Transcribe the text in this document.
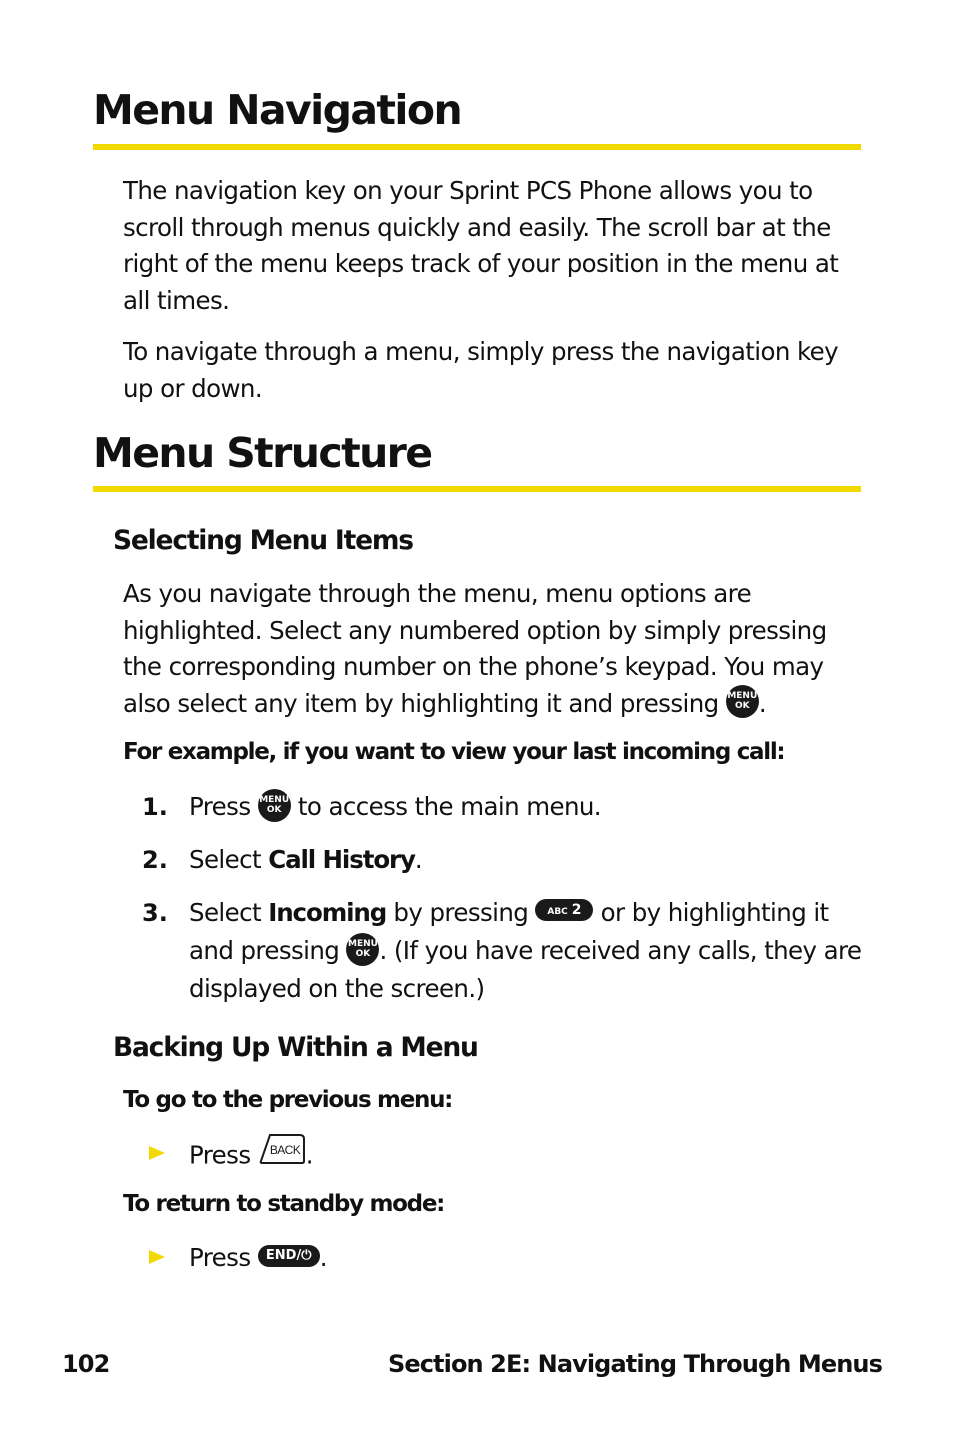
Menu Navigation

The navigation key on your Sprint PCS Phone allows you to scroll through menus quickly and easily. The scroll bar at the right of the menu keeps track of your position in the menu at all times.

To navigate through a menu, simply press the navigation key up or down.

Menu Structure
Selecting Menu Items

As you navigate through the menu, menu options are highlighted. Select any numbered option by simply pressing the corresponding number on the phone’s keypad. You may also select any item by highlighting it and pressing MENU
OK .

For example, if you want to view your last incoming call:
1. Press MENU
OK to access the main menu.
2. Select Call History.
3. Select Incoming by pressing ABC 2 or by highlighting it and pressing MENU
OK . (If you have received any calls, they are displayed on the screen.)
Backing Up Within a Menu
To go to the previous menu:
Press BACK .
To return to standby mode:
Press END/⏻ .
102	Section 2E: Navigating Through Menus
